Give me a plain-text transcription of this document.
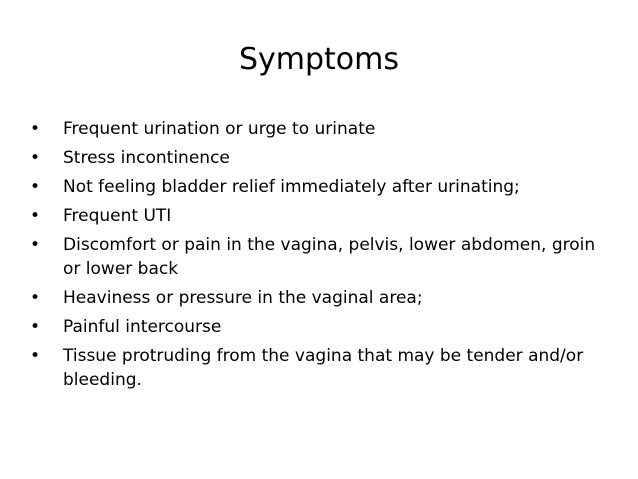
Symptoms
• Frequent urination or urge to urinate
• Stress incontinence
• Not feeling bladder relief immediately after urinating;
• Frequent UTI
• Discomfort or pain in the vagina, pelvis, lower abdomen, groin or lower back
• Heaviness or pressure in the vaginal area;
• Painful intercourse
• Tissue protruding from the vagina that may be tender and/or bleeding.
